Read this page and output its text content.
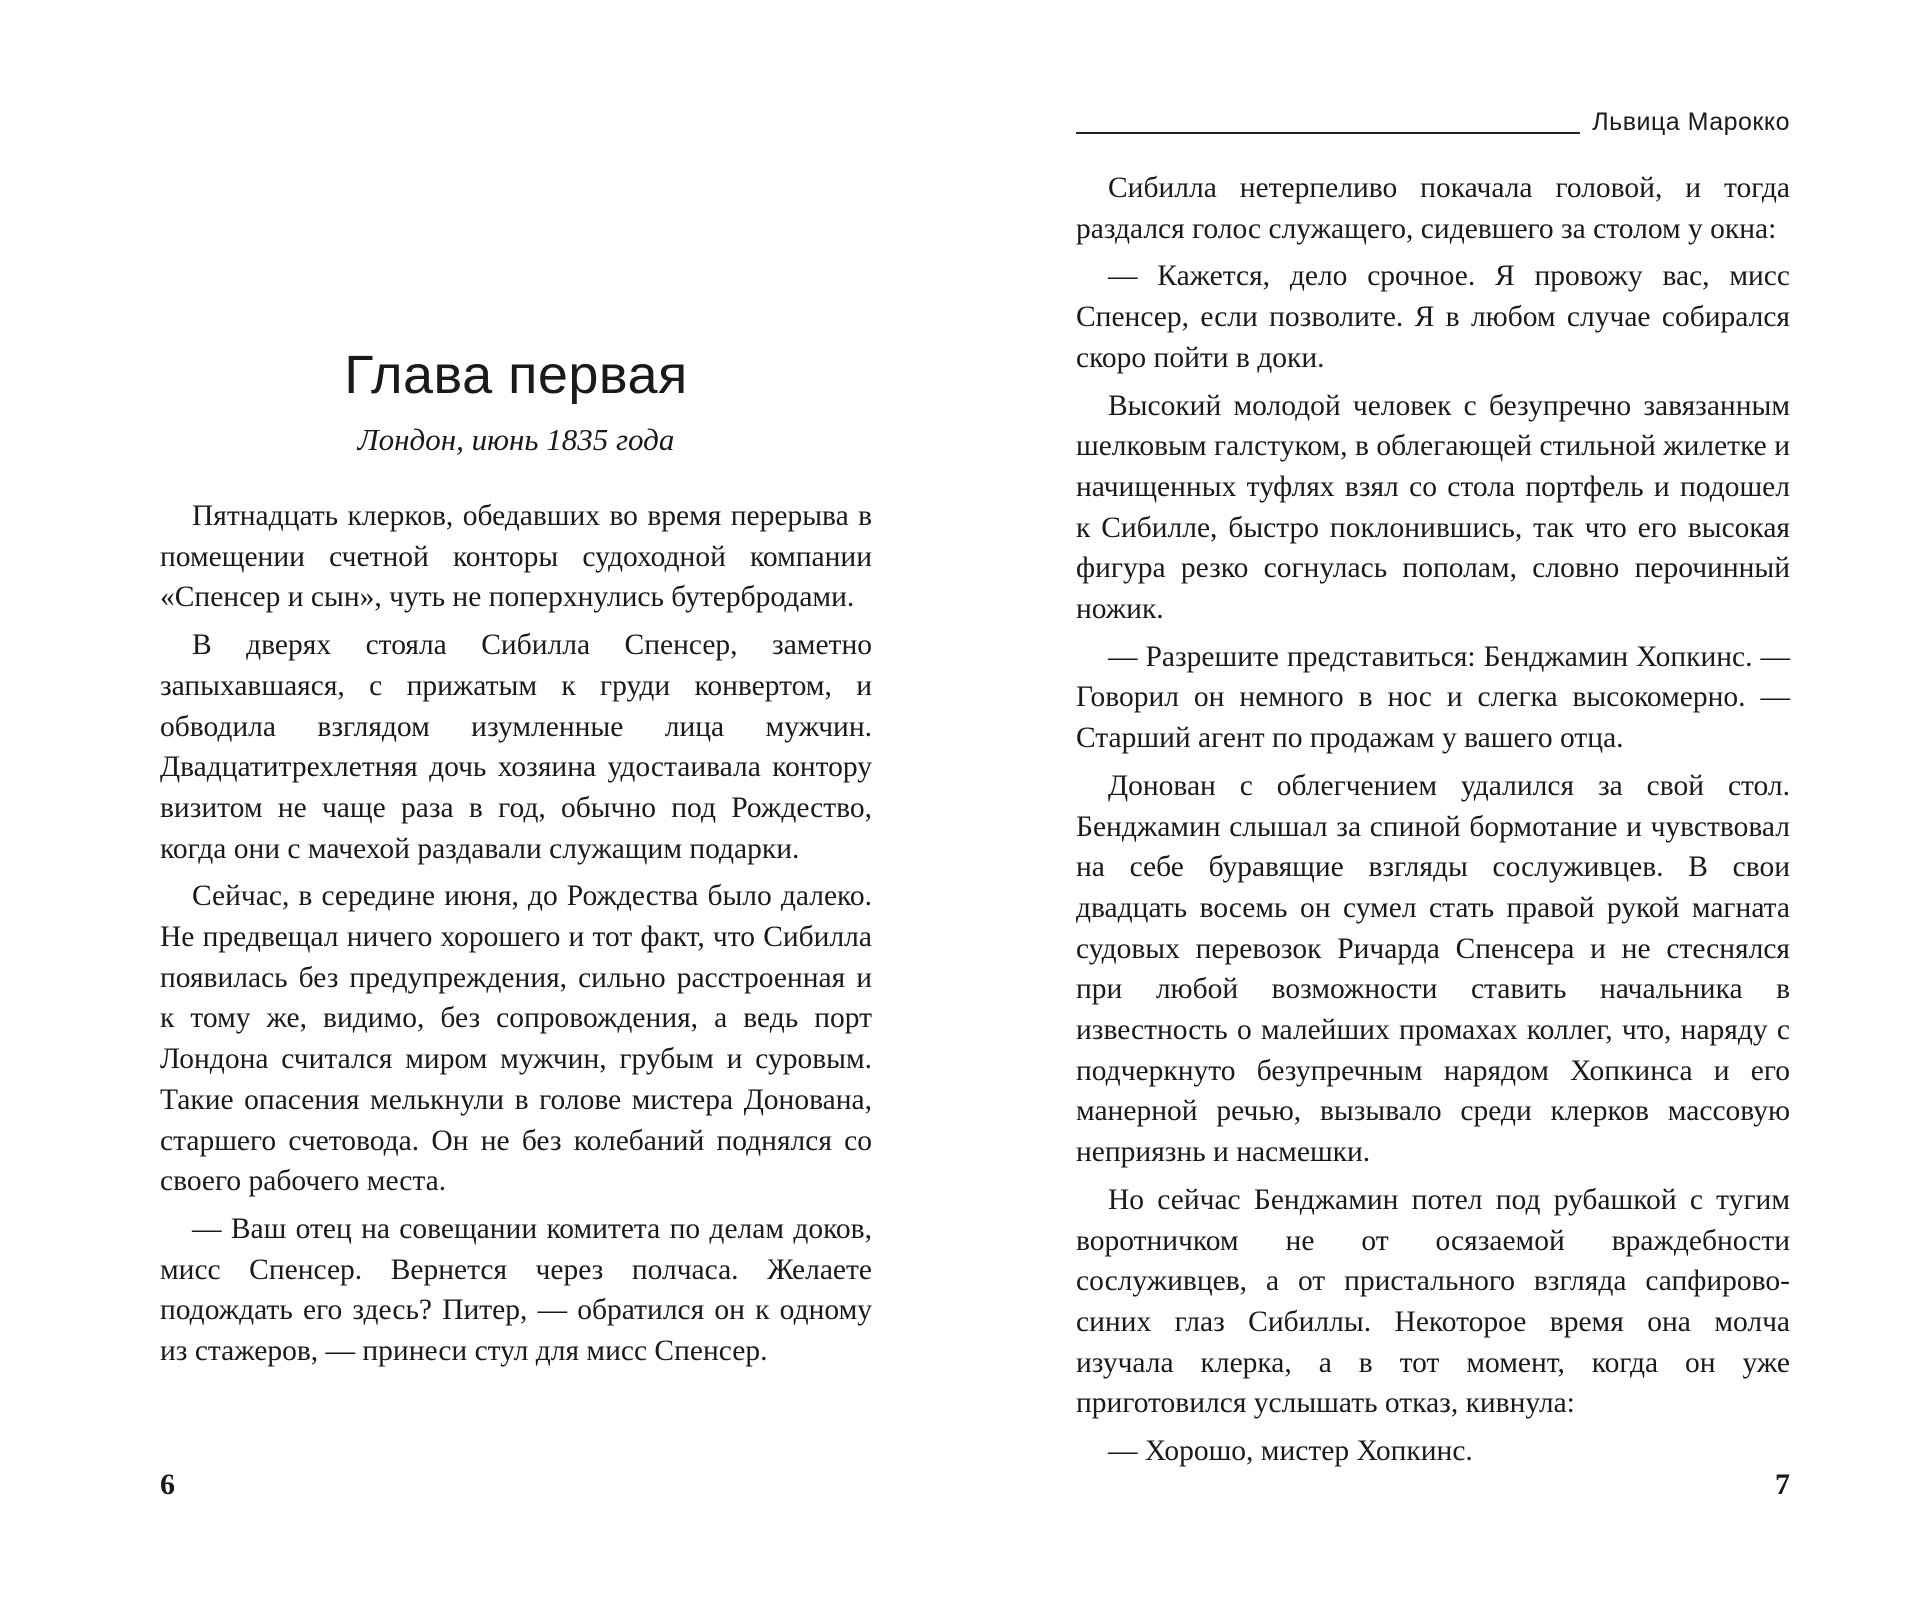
Глава первая

Лондон, июнь 1835 года

Пятнадцать клерков, обедавших во время перерыва в помещении счетной конторы судоходной компании «Спенсер и сын», чуть не поперхнулись бутербродами.

В дверях стояла Сибилла Спенсер, заметно запыхавшаяся, с прижатым к груди конвертом, и обводила взглядом изумленные лица мужчин. Двадцатитрехлетняя дочь хозяина удостаивала контору визитом не чаще раза в год, обычно под Рождество, когда они с мачехой раздавали служащим подарки.

Сейчас, в середине июня, до Рождества было далеко. Не предвещал ничего хорошего и тот факт, что Сибилла появилась без предупреждения, сильно расстроенная и к тому же, видимо, без сопровождения, а ведь порт Лондона считался миром мужчин, грубым и суровым. Такие опасения мелькнули в голове мистера Донована, старшего счетовода. Он не без колебаний поднялся со своего рабочего места.

— Ваш отец на совещании комитета по делам доков, мисс Спенсер. Вернется через полчаса. Желаете подождать его здесь? Питер, — обратился он к одному из стажеров, — принеси стул для мисс Спенсер.

6
Львица Марокко

Сибилла нетерпеливо покачала головой, и тогда раздался голос служащего, сидевшего за столом у окна:

— Кажется, дело срочное. Я провожу вас, мисс Спенсер, если позволите. Я в любом случае собирался скоро пойти в доки.

Высокий молодой человек с безупречно завязанным шелковым галстуком, в облегающей стильной жилетке и начищенных туфлях взял со стола портфель и подошел к Сибилле, быстро поклонившись, так что его высокая фигура резко согнулась пополам, словно перочинный ножик.

— Разрешите представиться: Бенджамин Хопкинс. — Говорил он немного в нос и слегка высокомерно. — Старший агент по продажам у вашего отца.

Донован с облегчением удалился за свой стол. Бенджамин слышал за спиной бормотание и чувствовал на себе буравящие взгляды сослуживцев. В свои двадцать восемь он сумел стать правой рукой магната судовых перевозок Ричарда Спенсера и не стеснялся при любой возможности ставить начальника в известность о малейших промахах коллег, что, наряду с подчеркнуто безупречным нарядом Хопкинса и его манерной речью, вызывало среди клерков массовую неприязнь и насмешки.

Но сейчас Бенджамин потел под рубашкой с тугим воротничком не от осязаемой враждебности сослуживцев, а от пристального взгляда сапфирово-синих глаз Сибиллы. Некоторое время она молча изучала клерка, а в тот момент, когда он уже приготовился услышать отказ, кивнула:

— Хорошо, мистер Хопкинс.

7
